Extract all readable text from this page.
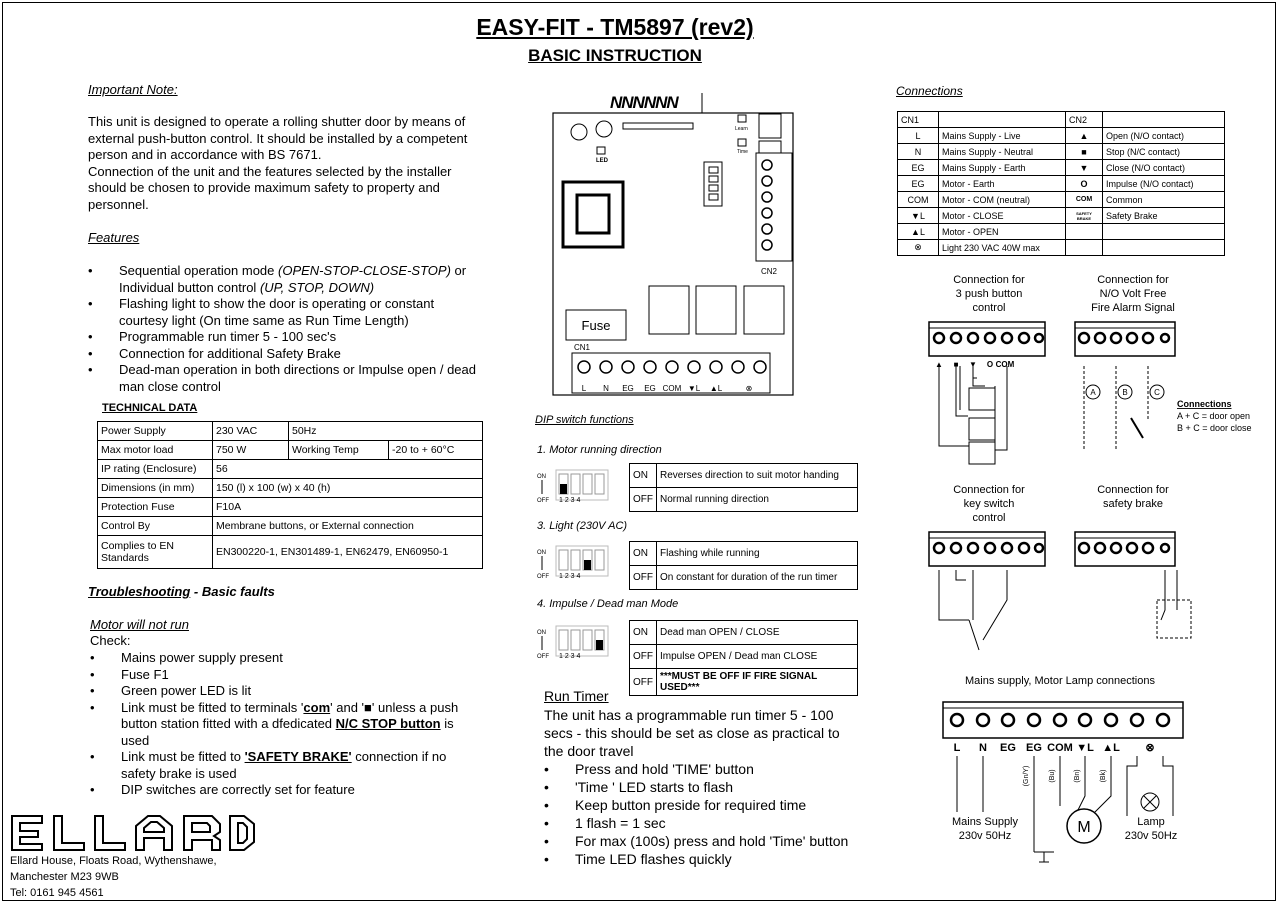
EASY-FIT - TM5897 (rev2)
BASIC INSTRUCTION
Important Note:
This unit is designed to operate a rolling shutter door by means of
external push-button control. It should be installed by a competent
person and in accordance with BS 7671.
Connection of the unit and the features selected by the installer
should be chosen to provide maximum safety to property and
personnel.
Features
• Sequential operation mode (OPEN-STOP-CLOSE-STOP) or
Individual button control (UP, STOP, DOWN)
• Flashing light to show the door is operating or constant
courtesy light (On time same as Run Time Length)
• Programmable run timer 5 - 100 sec's
• Connection for additional Safety Brake
• Dead-man operation in both directions or Impulse open / dead
man close control
TECHNICAL DATA
Power Supply	230 VAC	50Hz	
Max motor load	750 W	Working Temp	-20 to + 60°C
IP rating (Enclosure)	56		
Dimensions (in mm)	150 (l) x 100 (w) x 40 (h)		
Protection Fuse	F10A		
Control By	Membrane buttons, or External connection		
Complies to EN
Standards	EN300220-1, EN301489-1, EN62479, EN60950-1		
Troubleshooting - Basic faults
Motor will not run
Check:
• Mains power supply present
• Fuse F1
• Green power LED is lit
• Link must be fitted to terminals 'com' and '■' unless a push
button station fitted with a dfedicated N/C STOP button is
used
• Link must be fitted to 'SAFETY BRAKE' connection if no
safety brake is used
• DIP switches are correctly set for feature
Ellard House, Floats Road, Wythenshawe,
Manchester M23 9WB
Tel: 0161 945 4561
NNNNNN
LED
Learn
Time
CN2
Fuse
CN1
L N EG EG COM ▼L ▲L	⊗
DIP switch functions
1. Motor running direction
ON
OFF 1 2 3 4
ON	Reverses direction to suit motor handing
OFF	Normal running direction
3. Light (230V AC)
ON
OFF 1 2 3 4
ON	Flashing while running
OFF	On constant for duration of the run timer
4. Impulse / Dead man Mode
ON
OFF 1 2 3 4
ON	Dead man OPEN / CLOSE
OFF	Impulse OPEN / Dead man CLOSE
OFF	***MUST BE OFF IF FIRE SIGNAL USED***
Run Timer
The unit has a programmable run timer 5 - 100
secs - this should be set as close as practical to
the door travel
• Press and hold 'TIME' button
• 'Time ' LED starts to flash
• Keep button preside for required time
• 1 flash = 1 sec
• For max (100s) press and hold 'Time' button
• Time LED flashes quickly
Connections
CN1		CN2	
L	Mains Supply - Live	▲	Open (N/O contact)
N	Mains Supply - Neutral	■	Stop (N/C contact)
EG	Mains Supply - Earth	▼	Close (N/O contact)
EG	Motor - Earth	O	Impulse (N/O contact)
COM	Motor - COM (neutral)	COM	Common
▼L	Motor - CLOSE	SAFETY BRAKE	Safety Brake
▲L	Motor - OPEN		
⊗	Light 230 VAC 40W max		
Connection for
3 push button
control
Connection for
N/O Volt Free
Fire Alarm Signal
Connection for
key switch
control
Connection for
safety brake
Mains supply, Motor Lamp connections
▲ ■ ▼ O COM
A	B	C
Connections
A + C = door open
B + C = door close
L N EG EG COM ▼L ▲L ⊗
M
(Gn/Y)	(Bu)	(Bn)	(Bk)
Mains Supply
230v 50Hz
Lamp
230v 50Hz
